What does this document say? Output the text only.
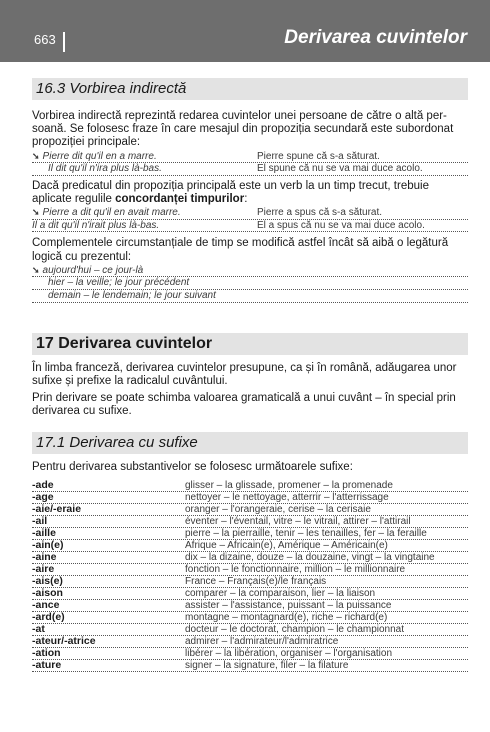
663	Derivarea cuvintelor
16.3 Vorbirea indirectă
Vorbirea indirectă reprezintă redarea cuvintelor unei persoane de către o altă per-
soană. Se folosesc fraze în care mesajul din propoziția secundară este subordonat
propoziției principale:
➘ Pierre dit qu'il en a marre.	Pierre spune că s-a săturat.
Il dit qu'il n'ira plus là-bas.	El spune că nu se va mai duce acolo.
Dacă predicatul din propoziția principală este un verb la un timp trecut, trebuie
aplicate regulile concordanței timpurilor:
➘ Pierre a dit qu'il en avait marre.	Pierre a spus că s-a săturat.
Il a dit qu'il n'irait plus là-bas.	El a spus că nu se va mai duce acolo.
Complementele circumstanțiale de timp se modifică astfel încât să aibă o legătură
logică cu prezentul:
➘ aujourd'hui – ce jour-là
hier – la veille; le jour précédent
demain – le lendemain; le jour suivant
17 Derivarea cuvintelor
În limba franceză, derivarea cuvintelor presupune, ca și în română, adăugarea unor
sufixe și prefixe la radicalul cuvântului.
Prin derivare se poate schimba valoarea gramaticală a unui cuvânt – în special prin
derivarea cu sufixe.
17.1 Derivarea cu sufixe
Pentru derivarea substantivelor se folosesc următoarele sufixe:
-ade	glisser – la glissade, promener – la promenade
-age	nettoyer – le nettoyage, atterrir – l'atterrissage
-aie/-eraie	oranger – l'orangeraie, cerise – la cerisaie
-ail	éventer – l'éventail, vitre – le vitrail, attirer – l'attirail
-aille	pierre – la pierraille, tenir – les tenailles, fer – la feraille
-ain(e)	Afrique – Africain(e), Amérique – Américain(e)
-aine	dix – la dizaine, douze – la douzaine, vingt – la vingtaine
-aire	fonction – le fonctionnaire, million – le millionnaire
-ais(e)	France – Français(e)/le français
-aison	comparer – la comparaison, lier – la liaison
-ance	assister – l'assistance, puissant – la puissance
-ard(e)	montagne – montagnard(e), riche – richard(e)
-at	docteur – le doctorat, champion – le championnat
-ateur/-atrice	admirer – l'admirateur/l'admiratrice
-ation	libérer – la libération, organiser – l'organisation
-ature	signer – la signature, filer – la filature
